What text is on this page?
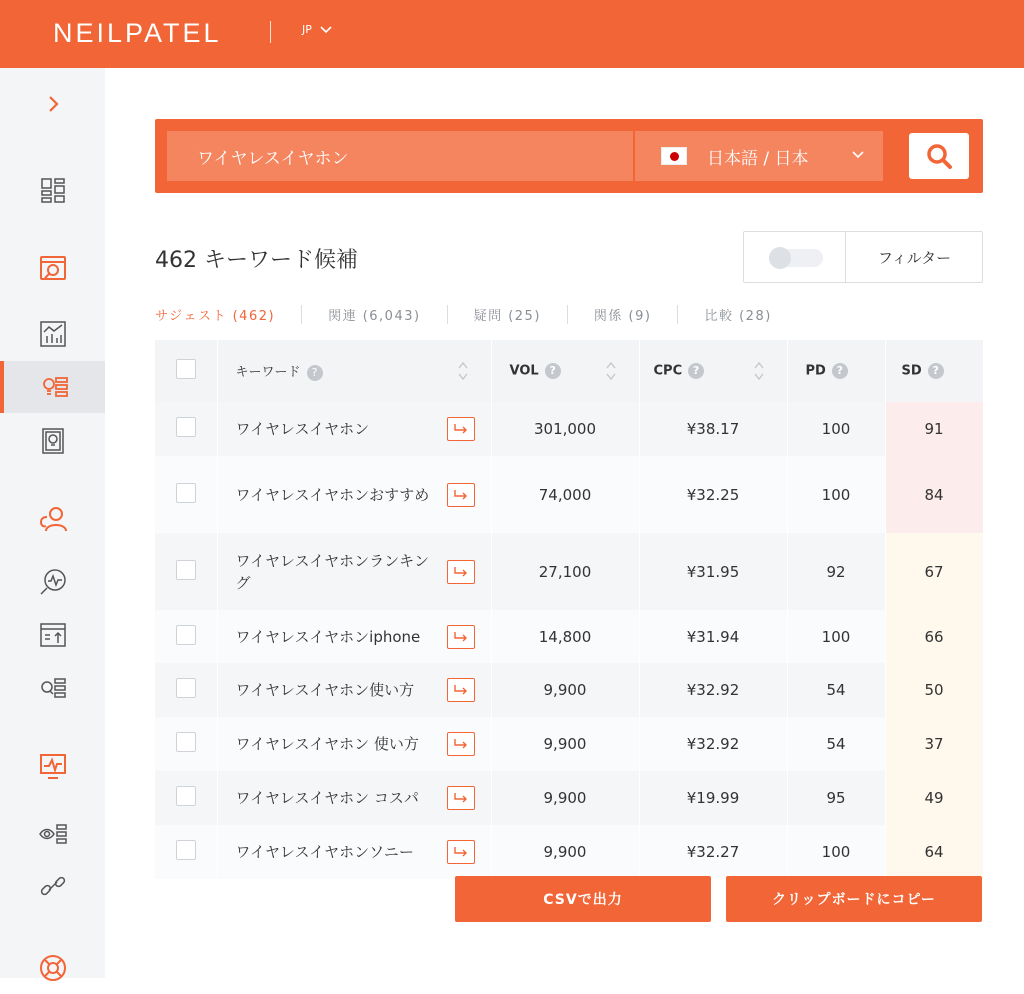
NEILPATEL	JP
ワイヤレスイヤホン	日本語 / 日本
462 キーワード候補	フィルター
サジェスト (462)	関連 (6,043)	疑問 (25)	関係 (9)	比較 (28)
	キーワード ?	VOL ?	CPC ?	PD ?	SD ?
	ワイヤレスイヤホン	301,000	¥38.17	100	91
	ワイヤレスイヤホンおすすめ	74,000	¥32.25	100	84
	ワイヤレスイヤホンランキング	27,100	¥31.95	92	67
	ワイヤレスイヤホンiphone	14,800	¥31.94	100	66
	ワイヤレスイヤホン使い方	9,900	¥32.92	54	50
	ワイヤレスイヤホン 使い方	9,900	¥32.92	54	37
	ワイヤレスイヤホン コスパ	9,900	¥19.99	95	49
	ワイヤレスイヤホンソニー	9,900	¥32.27	100	64
CSVで出力	クリップボードにコピー
